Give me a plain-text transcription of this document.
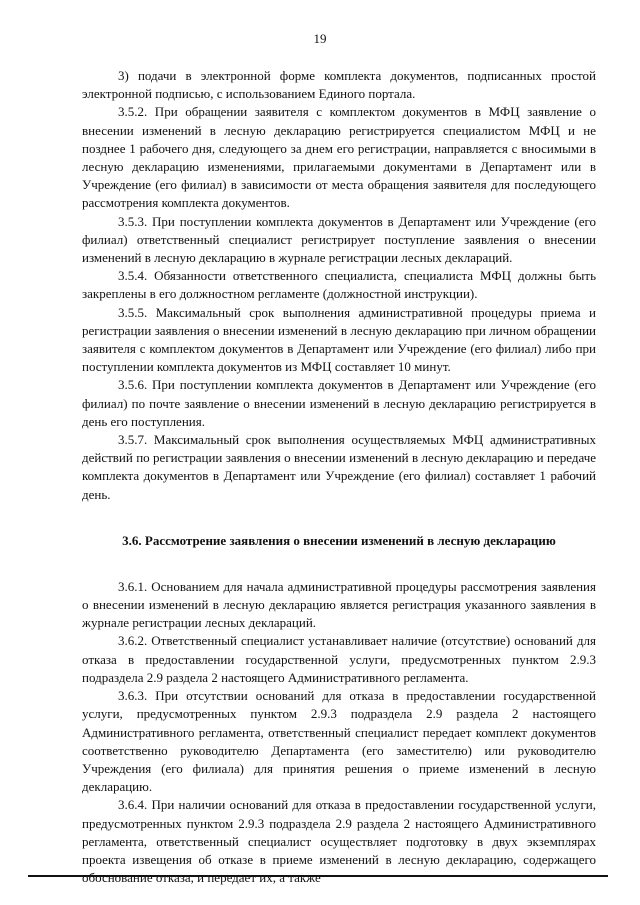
19

3) подачи в электронной форме комплекта документов, подписанных простой электронной подписью, с использованием Единого портала.

3.5.2. При обращении заявителя с комплектом документов в МФЦ заявление о внесении изменений в лесную декларацию регистрируется специалистом МФЦ и не позднее 1 рабочего дня, следующего за днем его регистрации, направляется с вносимыми в лесную декларацию изменениями, прилагаемыми документами в Департамент или в Учреждение (его филиал) в зависимости от места обращения заявителя для последующего рассмотрения комплекта документов.

3.5.3. При поступлении комплекта документов в Департамент или Учреждение (его филиал) ответственный специалист регистрирует поступление заявления о внесении изменений в лесную декларацию в журнале регистрации лесных деклараций.

3.5.4. Обязанности ответственного специалиста, специалиста МФЦ должны быть закреплены в его должностном регламенте (должностной инструкции).

3.5.5. Максимальный срок выполнения административной процедуры приема и регистрации заявления о внесении изменений в лесную декларацию при личном обращении заявителя с комплектом документов в Департамент или Учреждение (его филиал) либо при поступлении комплекта документов из МФЦ составляет 10 минут.

3.5.6. При поступлении комплекта документов в Департамент или Учреждение (его филиал) по почте заявление о внесении изменений в лесную декларацию регистрируется в день его поступления.

3.5.7. Максимальный срок выполнения осуществляемых МФЦ административных действий по регистрации заявления о внесении изменений в лесную декларацию и передаче комплекта документов в Департамент или Учреждение (его филиал) составляет 1 рабочий день.

3.6. Рассмотрение заявления о внесении изменений в лесную декларацию

3.6.1. Основанием для начала административной процедуры рассмотрения заявления о внесении изменений в лесную декларацию является регистрация указанного заявления в журнале регистрации лесных деклараций.

3.6.2. Ответственный специалист устанавливает наличие (отсутствие) оснований для отказа в предоставлении государственной услуги, предусмотренных пунктом 2.9.3 подраздела 2.9 раздела 2 настоящего Административного регламента.

3.6.3. При отсутствии оснований для отказа в предоставлении государственной услуги, предусмотренных пунктом 2.9.3 подраздела 2.9 раздела 2 настоящего Административного регламента, ответственный специалист передает комплект документов соответственно руководителю Департамента (его заместителю) или руководителю Учреждения (его филиала) для принятия решения о приеме изменений в лесную декларацию.

3.6.4. При наличии оснований для отказа в предоставлении государственной услуги, предусмотренных пунктом 2.9.3 подраздела 2.9 раздела 2 настоящего Административного регламента, ответственный специалист осуществляет подготовку в двух экземплярах проекта извещения об отказе в приеме изменений в лесную декларацию, содержащего обоснование отказа, и передает их, а также
